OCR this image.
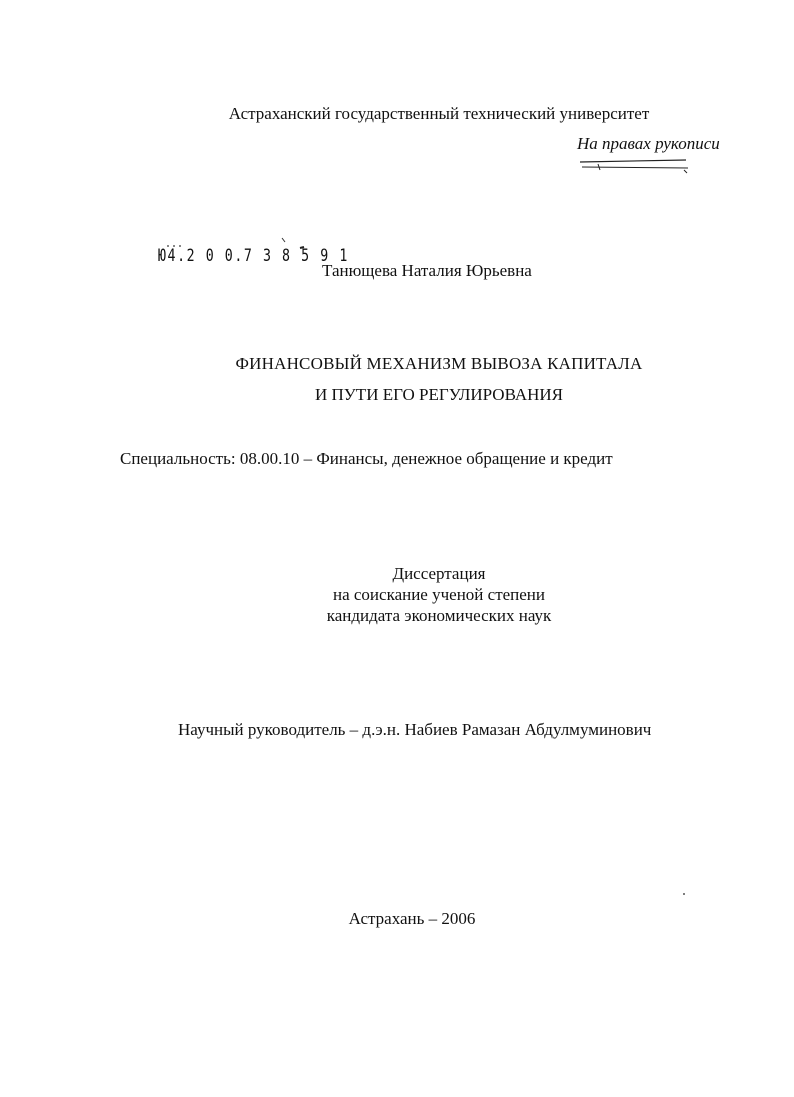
Астраханский государственный технический университет
На правах рукописи
Ю4.2 0 0.7 3 8 5 9 1
Танющева Наталия Юрьевна
ФИНАНСОВЫЙ МЕХАНИЗМ ВЫВОЗА КАПИТАЛА
И ПУТИ ЕГО РЕГУЛИРОВАНИЯ
Специальность: 08.00.10 – Финансы, денежное обращение и кредит
Диссертация
на соискание ученой степени
кандидата экономических наук
Научный руководитель – д.э.н. Набиев Рамазан Абдулмуминович
Астрахань – 2006
